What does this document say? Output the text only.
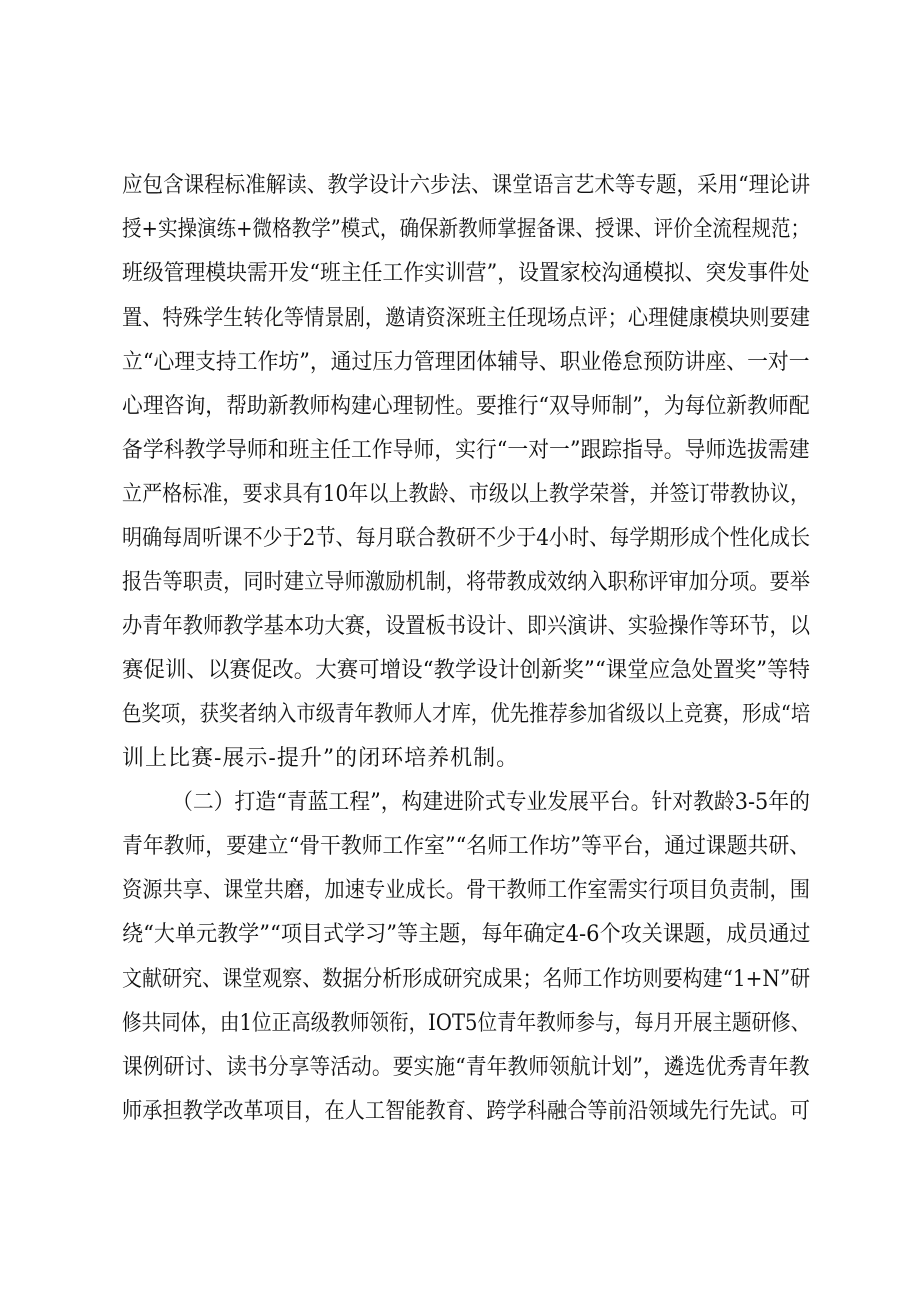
应包含课程标准解读、教学设计六步法、课堂语言艺术等专题，采用“理论讲
授+实操演练+微格教学”模式，确保新教师掌握备课、授课、评价全流程规范；
班级管理模块需开发“班主任工作实训营”，设置家校沟通模拟、突发事件处
置、特殊学生转化等情景剧，邀请资深班主任现场点评；心理健康模块则要建
立“心理支持工作坊”，通过压力管理团体辅导、职业倦怠预防讲座、一对一
心理咨询，帮助新教师构建心理韧性。要推行“双导师制”，为每位新教师配
备学科教学导师和班主任工作导师，实行“一对一”跟踪指导。导师选拔需建
立严格标准，要求具有10年以上教龄、市级以上教学荣誉，并签订带教协议，
明确每周听课不少于2节、每月联合教研不少于4小时、每学期形成个性化成长
报告等职责，同时建立导师激励机制，将带教成效纳入职称评审加分项。要举
办青年教师教学基本功大赛，设置板书设计、即兴演讲、实验操作等环节，以
赛促训、以赛促改。大赛可增设“教学设计创新奖”“课堂应急处置奖”等特
色奖项，获奖者纳入市级青年教师人才库，优先推荐参加省级以上竞赛，形成“培
训上比赛-展示-提升”的闭环培养机制。
（二）打造“青蓝工程”，构建进阶式专业发展平台。针对教龄3-5年的
青年教师，要建立“骨干教师工作室”“名师工作坊”等平台，通过课题共研、
资源共享、课堂共磨，加速专业成长。骨干教师工作室需实行项目负责制，围
绕“大单元教学”“项目式学习”等主题，每年确定4-6个攻关课题，成员通过
文献研究、课堂观察、数据分析形成研究成果；名师工作坊则要构建“1+N”研
修共同体，由1位正高级教师领衔，IOT5位青年教师参与，每月开展主题研修、
课例研讨、读书分享等活动。要实施“青年教师领航计划”，遴选优秀青年教
师承担教学改革项目，在人工智能教育、跨学科融合等前沿领域先行先试。可
